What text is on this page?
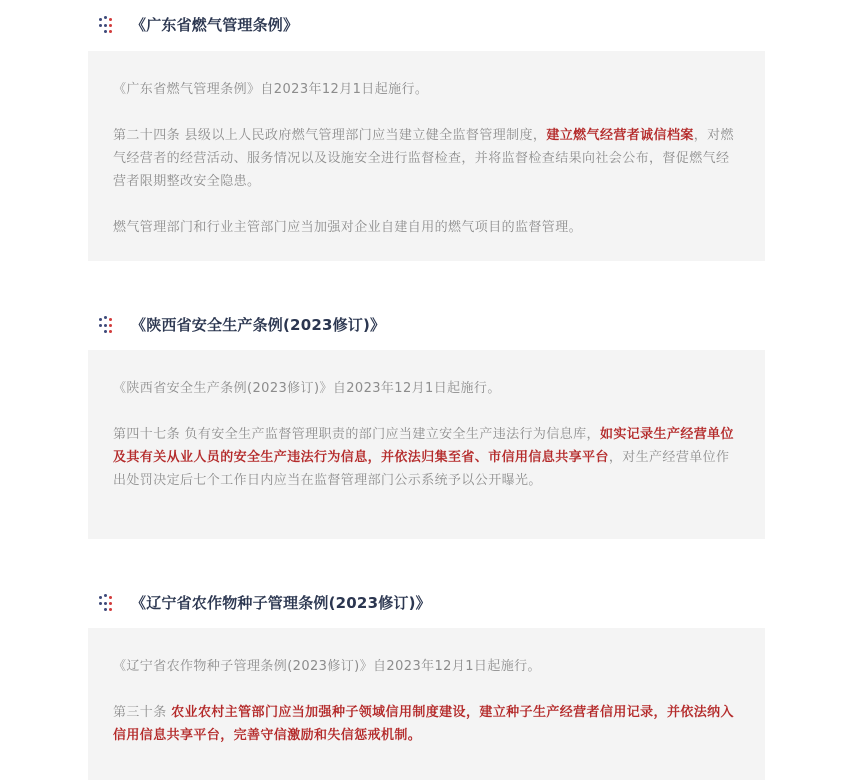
《广东省燃气管理条例》

《广东省燃气管理条例》自2023年12月1日起施行。

第二十四条 县级以上人民政府燃气管理部门应当建立健全监督管理制度，建立燃气经营者诚信档案，对燃气经营者的经营活动、服务情况以及设施安全进行监督检查，并将监督检查结果向社会公布，督促燃气经营者限期整改安全隐患。

燃气管理部门和行业主管部门应当加强对企业自建自用的燃气项目的监督管理。

《陕西省安全生产条例(2023修订)》

《陕西省安全生产条例(2023修订)》自2023年12月1日起施行。

第四十七条 负有安全生产监督管理职责的部门应当建立安全生产违法行为信息库，如实记录生产经营单位及其有关从业人员的安全生产违法行为信息，并依法归集至省、市信用信息共享平台，对生产经营单位作出处罚决定后七个工作日内应当在监督管理部门公示系统予以公开曝光。

《辽宁省农作物种子管理条例(2023修订)》

《辽宁省农作物种子管理条例(2023修订)》自2023年12月1日起施行。

第三十条 农业农村主管部门应当加强种子领域信用制度建设，建立种子生产经营者信用记录，并依法纳入信用信息共享平台，完善守信激励和失信惩戒机制。
